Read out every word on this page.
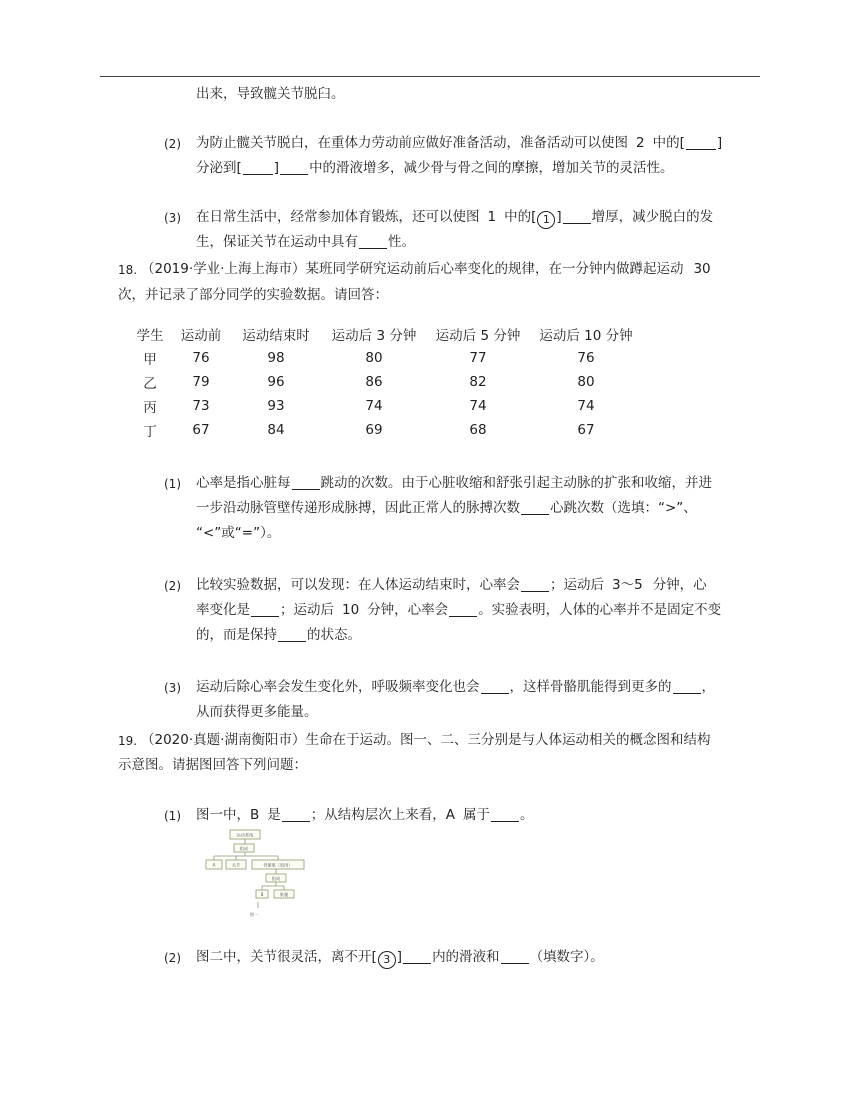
出来，导致髋关节脱臼。
(2) 为防止髋关节脱白，在重体力劳动前应做好准备活动，准备活动可以使图 2 中的[ ]
分泌到[ ] 中的滑液增多，减少骨与骨之间的摩擦，增加关节的灵活性。
(3) 在日常生活中，经常参加体育锻炼，还可以使图 1 中的[ 1 ] 增厚，减少脱白的发
生，保证关节在运动中具有 性。
18. （2019·学业·上海上海市）某班同学研究运动前后心率变化的规律，在一分钟内做蹲起运动 30
次，并记录了部分同学的实验数据。请回答：
学生	运动前	运动结束时	运动后 3 分钟	运动后 5 分钟	运动后 10 分钟
甲	76	98	80	77	76
乙	79	96	86	82	80
丙	73	93	74	74	74
丁	67	84	69	68	67
(1) 心率是指心脏每 跳动的次数。由于心脏收缩和舒张引起主动脉的扩张和收缩，并进
一步沿动脉管壁传递形成脉搏，因此正常人的脉搏次数 心跳次数（选填：“>”、
“<”或“=”）。
(2) 比较实验数据，可以发现：在人体运动结束时，心率会 ；运动后 3～5 分钟，心
率变化是 ；运动后 10 分钟，心率会 。实验表明，人体的心率并不是固定不变
的，而是保持 的状态。
(3) 运动后除心率会发生变化外，呼吸频率变化也会 ，这样骨骼肌能得到更多的 ，
从而获得更多能量。
19. （2020·真题·湖南衡阳市）生命在于运动。图一、二、三分别是与人体运动相关的概念图和结构
示意图。请据图回答下列问题：
(1) 图一中，B 是 ；从结构层次上来看，A 属于 。
运动系统
组成
A	关节	骨骼肌（肌肉）
组成
B	肌腹
图一
(2) 图二中，关节很灵活，离不开[ 3 ] 内的滑液和 （填数字）。
